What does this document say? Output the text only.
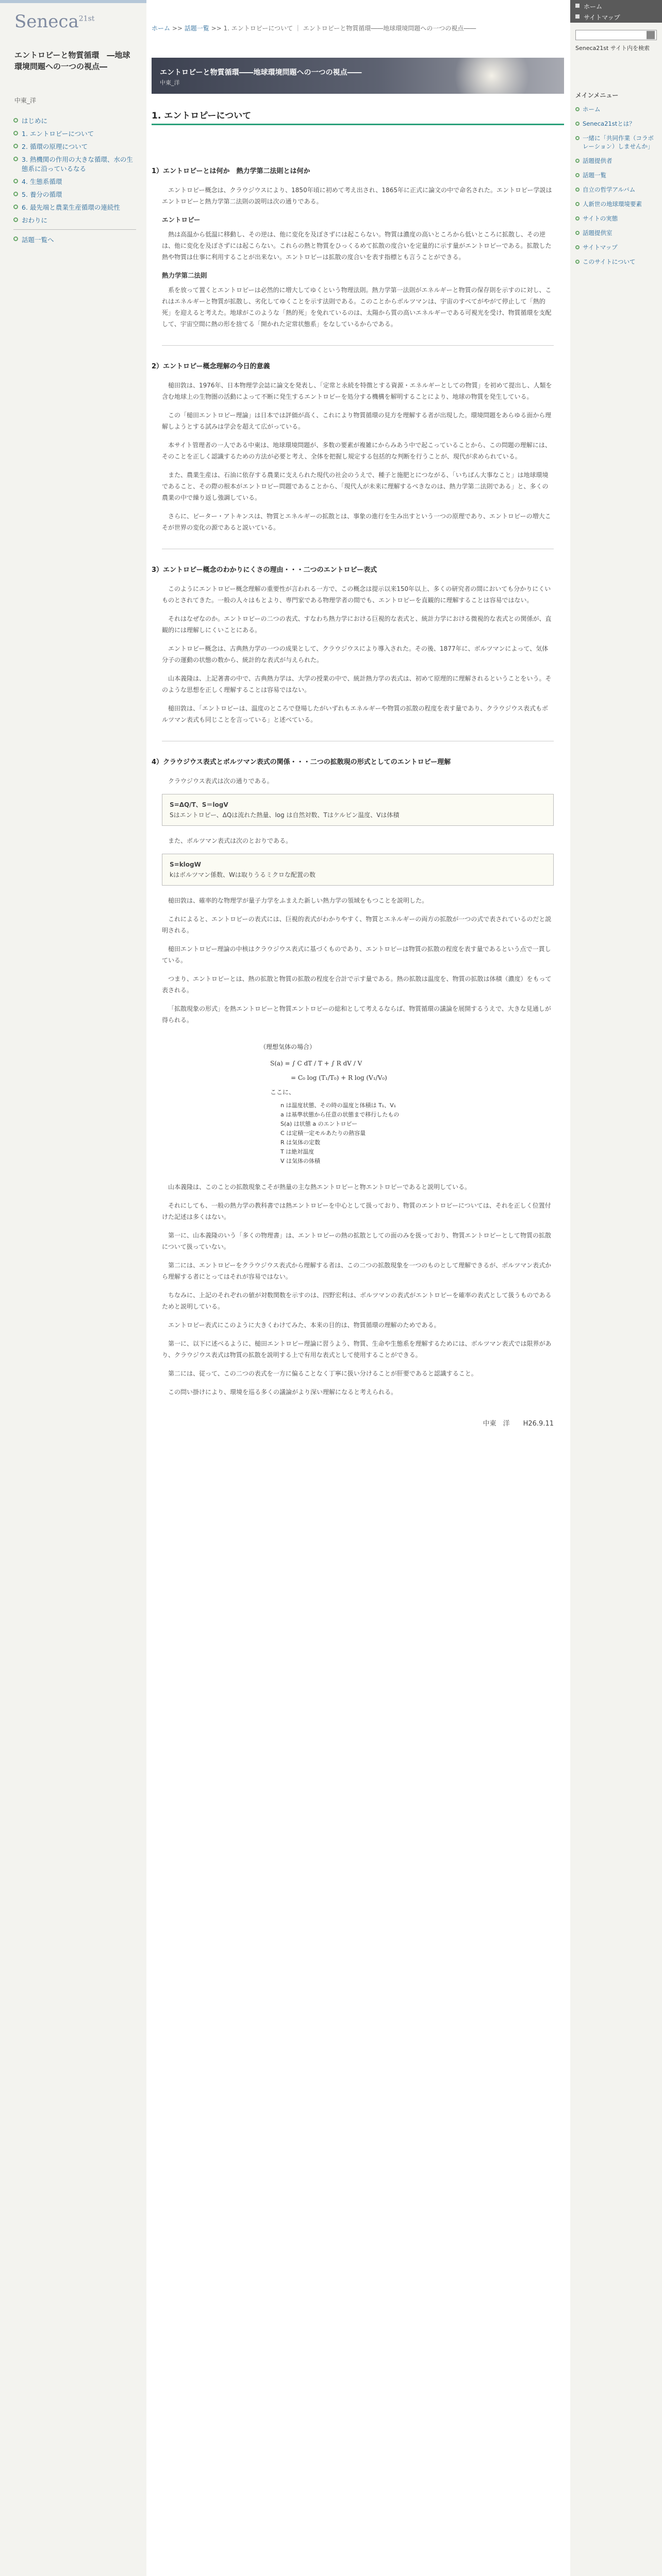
Seneca$^{21st}$
エントロピーと物質循環　―地球環境問題への一つの視点―
中東_洋
はじめに
1. エントロピーについて
2. 循環の原理について
3. 熱機関の作用の大きな循環、水の生態系に沿っているなる
4. 生態系循環
5. 養分の循環
6. 最先端と農業生産循環の連続性
おわりに
話題一覧へ
ホーム >> 話題一覧 >> 1. エントロピーについて ｜ エントロピーと物質循環――地球環境問題への一つの視点――
エントロピーと物質循環――地球環境問題への一つの視点――
中東_洋
1. エントロピーについて
1）エントロピーとは何か　熱力学第二法則とは何か

エントロピー概念は、クラウジウスにより、1850年頃に初めて考え出され、1865年に正式に論文の中で命名された。エントロピー学説はエントロピーと熱力学第二法則の説明は次の通りである。

エントロピー

熱は高温から低温に移動し、その逆は、他に変化を及ぼさずには起こらない。物質は濃度の高いところから低いところに拡散し、その逆は、他に変化を及ぼさずには起こらない。これらの熱と物質をひっくるめて拡散の度合いを定量的に示す量がエントロピーである。拡散した熱や物質は仕事に利用することが出来ない。エントロピーは拡散の度合いを表す指標とも言うことができる。

熱力学第二法則

系を放って置くとエントロピーは必然的に増大してゆくという物理法則。熱力学第一法則がエネルギーと物質の保存則を示すのに対し、これはエネルギーと物質が拡散し、劣化してゆくことを示す法則である。このことからボルツマンは、宇宙のすべてがやがて停止して「熱的死」を迎えると考えた。地球がこのような「熱的死」を免れているのは、太陽から質の高いエネルギーである可視光を受け、物質循環を支配して、宇宙空間に熱の形を捨てる「開かれた定常状態系」をなしているからである。

2）エントロピー概念理解の今日的意義

槌田敦は、1976年、日本物理学会誌に論文を発表し、「定常と永続を特徴とする資源・エネルギーとしての物質」を初めて提出し、人類を含む地球上の生物圏の活動によって不断に発生するエントロピーを処分する機構を解明することにより、地球の物質を発生している。

この「槌田エントロピー理論」は日本では評価が高く、これにより物質循環の見方を理解する者が出現した。環境問題をあらゆる面から理解しようとする試みは学会を超えて広がっている。

本サイト管理者の一人である中東は、地球環境問題が、多数の要素が複雑にからみあう中で起こっていることから、この問題の理解には、そのことを正しく認識するための方法が必要と考え、全体を把握し規定する包括的な判断を行うことが、現代が求められている。

また、農業生産は、石油に依存する農業に支えられた現代の社会のうえで、種子と施肥とにつながる、「いちばん大事なこと」は地球環境であること、その際の根本がエントロピー問題であることから、「現代人が未来に理解するべきなのは、熱力学第二法則である」と、多くの農業の中で繰り返し強調している。

さらに、ピーター・アトキンスは、物質とエネルギーの拡散とは、事象の進行を生み出すという一つの原理であり、エントロピーの増大こそが世界の変化の源であると説いている。

3）エントロピー概念のわかりにくさの理由・・・二つのエントロピー表式

このようにエントロピー概念理解の重要性が言われる一方で、この概念は提示以来150年以上、多くの研究者の間においても分かりにくいものとされてきた。一般の人々はもとより、専門家である物理学者の間でも、エントロピーを直観的に理解することは容易ではない。

それはなぜなのか。エントロピーの二つの表式、すなわち熱力学における巨視的な表式と、統計力学における微視的な表式との関係が、直観的には理解しにくいことにある。

エントロピー概念は、古典熱力学の一つの成果として、クラウジウスにより導入された。その後、1877年に、ボルツマンによって、気体分子の運動の状態の数から、統計的な表式が与えられた。

山本義隆は、上記著書の中で、古典熱力学は、大学の授業の中で、統計熱力学の表式は、初めて原理的に理解されるということをいう。そのような思想を正しく理解することは容易ではない。

槌田敦は、「エントロピーは、温度のところで登場したがいずれもエネルギーや物質の拡散の程度を表す量であり、クラウジウス表式もボルツマン表式も同じことを言っている」と述べている。

4）クラウジウス表式とボルツマン表式の関係・・・二つの拡散現の形式としてのエントロピー理解

クラウジウス表式は次の通りである。

S=ΔQ/T、S＝logV
Sはエントロピー、ΔQは流れた熱量、log は自然対数、Tはケルビン温度、Vは体積

また、ボルツマン表式は次のとおりである。

S=klogW
kはボルツマン係数、Wは取りうるミクロな配置の数

槌田敦は、確率的な物理学が量子力学をふまえた新しい熱力学の領域をもつことを説明した。

これによると、エントロピーの表式には、巨視的表式がわかりやすく、物質とエネルギーの両方の拡散が一つの式で表されているのだと説明される。

槌田エントロピー理論の中核はクラウジウス表式に基づくものであり、エントロピーは物質の拡散の程度を表す量であるという点で一貫している。

つまり、エントロピーとは、熱の拡散と物質の拡散の程度を合計で示す量である。熱の拡散は温度を、物質の拡散は体積（濃度）をもって表される。

「拡散現象の形式」を熱エントロピーと物質エントロピーの総和として考えるならば、物質循環の議論を展開するうえで、大きな見通しが得られる。

（理想気体の場合）
S(a) = ∫ C dT / T + ∫ R dV / V
= C₀ log (T₁/T₀) + R log (V₁/V₀)
ここに、
n は温度状態、その時の温度と体積は T₁、V₁
a は基準状態から任意の状態まで移行したもの
S(a) は状態 a のエントロピー
C は定積一定モルあたりの熱容量
R は気体の定数
T は絶対温度
V は気体の体積

山本義隆は、このことの拡散現象こそが熱量の主な熱エントロピーと物エントロピーであると説明している。

それにしても、一般の熱力学の教科書では熱エントロピーを中心として扱っており、物質のエントロピーについては、それを正しく位置付けた記述は多くはない。

第一に、山本義隆のいう「多くの物理書」は、エントロピーの熱の拡散としての面のみを扱っており、物質エントロピーとして物質の拡散について扱っていない。

第二には、エントロピーをクラウジウス表式から理解する者は、この二つの拡散現象を一つのものとして理解できるが、ボルツマン表式から理解する者にとってはそれが容易ではない。

ちなみに、上記のそれぞれの値が対数関数を示すのは、四野宏利は、ボルツマンの表式がエントロピーを確率の表式として扱うものであるためと説明している。

エントロピー表式にこのように大きくわけてみた、本来の目的は、物質循環の理解のためである。

第一に、以下に述べるように、槌田エントロピー理論に習うよう、物質、生命や生態系を理解するためには、ボルツマン表式では限界があり、クラウジウス表式は物質の拡散を説明する上で有用な表式として使用することができる。

第二には、従って、この二つの表式を一方に偏ることなく丁寧に扱い分けることが肝要であると認識すること。

この問い掛けにより、環境を巡る多くの議論がより深い理解になると考えられる。

中東　洋　　H26.9.11
ホーム
サイトマップ
Seneca21st サイト内を検索
メインメニュー
ホーム
Seneca21stとは？
一緒に「共同作業（コラボレーション）しませんか」
話題提供者
話題一覧
自立の哲学アルバム
人新世の地球環境要素
サイトの実態
話題提供室
サイトマップ
このサイトについて
